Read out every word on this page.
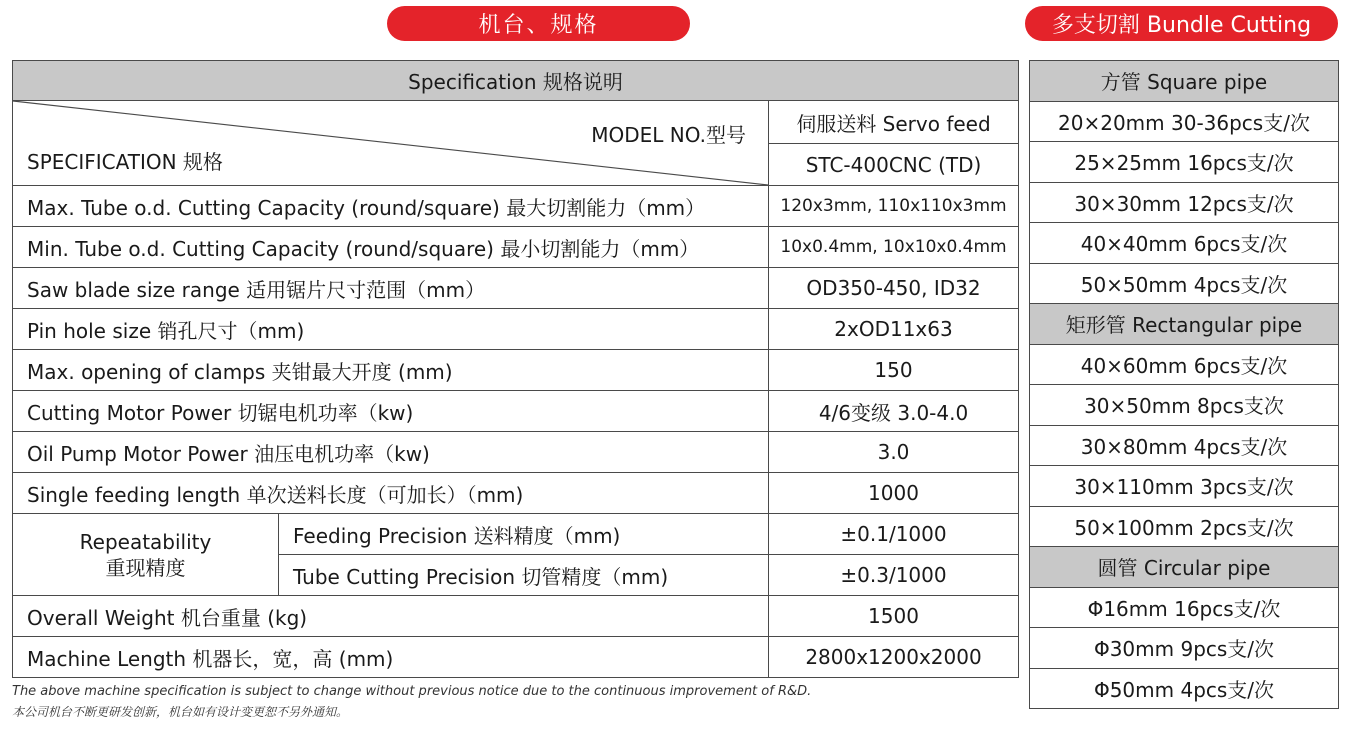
机台、规格	多支切割 Bundle Cutting
Specification 规格说明		

MODEL NO.型号
SPECIFICATION 规格		伺服送料 Servo feed
		STC-400CNC (TD)
Max. Tube o.d. Cutting Capacity (round/square) 最大切割能力（mm）		120x3mm, 110x110x3mm
Min. Tube o.d. Cutting Capacity (round/square) 最小切割能力（mm）		10x0.4mm, 10x10x0.4mm
Saw blade size range 适用锯片尺寸范围（mm）		OD350-450, ID32
Pin hole size 销孔尺寸（mm)		2xOD11x63
Max. opening of clamps 夹钳最大开度 (mm)		150
Cutting Motor Power 切锯电机功率（kw)		4/6变级 3.0-4.0
Oil Pump Motor Power 油压电机功率（kw)		3.0
Single feeding length 单次送料长度（可加长）（mm)		1000
Repeatability
重现精度	Feeding Precision 送料精度（mm)	±0.1/1000
	Tube Cutting Precision 切管精度（mm)	±0.3/1000
Overall Weight 机台重量 (kg)		1500
Machine Length 机器长，宽，高 (mm)		2800x1200x2000
方管 Square pipe
20×20mm 30-36pcs支/次
25×25mm 16pcs支/次
30×30mm 12pcs支/次
40×40mm 6pcs支/次
50×50mm 4pcs支/次
矩形管 Rectangular pipe
40×60mm 6pcs支/次
30×50mm 8pcs支次
30×80mm 4pcs支/次
30×110mm 3pcs支/次
50×100mm 2pcs支/次
圆管 Circular pipe
Φ16mm 16pcs支/次
Φ30mm 9pcs支/次
Φ50mm 4pcs支/次
The above machine specification is subject to change without previous notice due to the continuous improvement of R&D.
本公司机台不断更研发创新，机台如有设计变更恕不另外通知。
